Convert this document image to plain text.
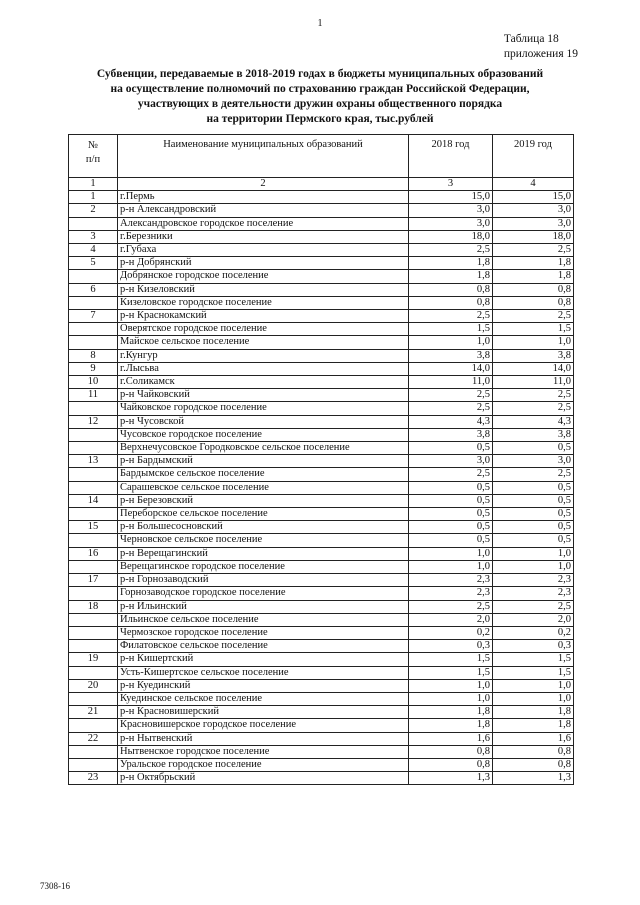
1
Таблица 18
приложения 19
Субвенции, передаваемые в 2018-2019 годах в бюджеты муниципальных образований
на осуществление полномочий по страхованию граждан Российской Федерации,
участвующих в деятельности дружин охраны общественного порядка
на территории Пермского края, тыс.рублей
№
п/п	Наименование муниципальных образований	2018 год	2019 год
1	2	3	4
1	г.Пермь	15,0	15,0
2	р-н Александровский	3,0	3,0
	Александровское городское поселение	3,0	3,0
3	г.Березники	18,0	18,0
4	г.Губаха	2,5	2,5
5	р-н Добрянский	1,8	1,8
	Добрянское городское поселение	1,8	1,8
6	р-н Кизеловский	0,8	0,8
	Кизеловское городское поселение	0,8	0,8
7	р-н Краснокамский	2,5	2,5
	Оверятское городское поселение	1,5	1,5
	Майское сельское поселение	1,0	1,0
8	г.Кунгур	3,8	3,8
9	г.Лысьва	14,0	14,0
10	г.Соликамск	11,0	11,0
11	р-н Чайковский	2,5	2,5
	Чайковское городское поселение	2,5	2,5
12	р-н Чусовской	4,3	4,3
	Чусовское городское поселение	3,8	3,8
	Верхнечусовское Городковское сельское поселение	0,5	0,5
13	р-н Бардымский	3,0	3,0
	Бардымское сельское поселение	2,5	2,5
	Сарашевское сельское поселение	0,5	0,5
14	р-н Березовский	0,5	0,5
	Переборское сельское поселение	0,5	0,5
15	р-н Большесосновский	0,5	0,5
	Черновское сельское поселение	0,5	0,5
16	р-н Верещагинский	1,0	1,0
	Верещагинское городское поселение	1,0	1,0
17	р-н Горнозаводский	2,3	2,3
	Горнозаводское городское поселение	2,3	2,3
18	р-н Ильинский	2,5	2,5
	Ильинское сельское поселение	2,0	2,0
	Чермозское городское поселение	0,2	0,2
	Филатовское сельское поселение	0,3	0,3
19	р-н Кишертский	1,5	1,5
	Усть-Кишертское сельское поселение	1,5	1,5
20	р-н Куединский	1,0	1,0
	Куединское сельское поселение	1,0	1,0
21	р-н Красновишерский	1,8	1,8
	Красновишерское городское поселение	1,8	1,8
22	р-н Нытвенский	1,6	1,6
	Нытвенское городское поселение	0,8	0,8
	Уральское городское поселение	0,8	0,8
23	р-н Октябрьский	1,3	1,3
7308-16
